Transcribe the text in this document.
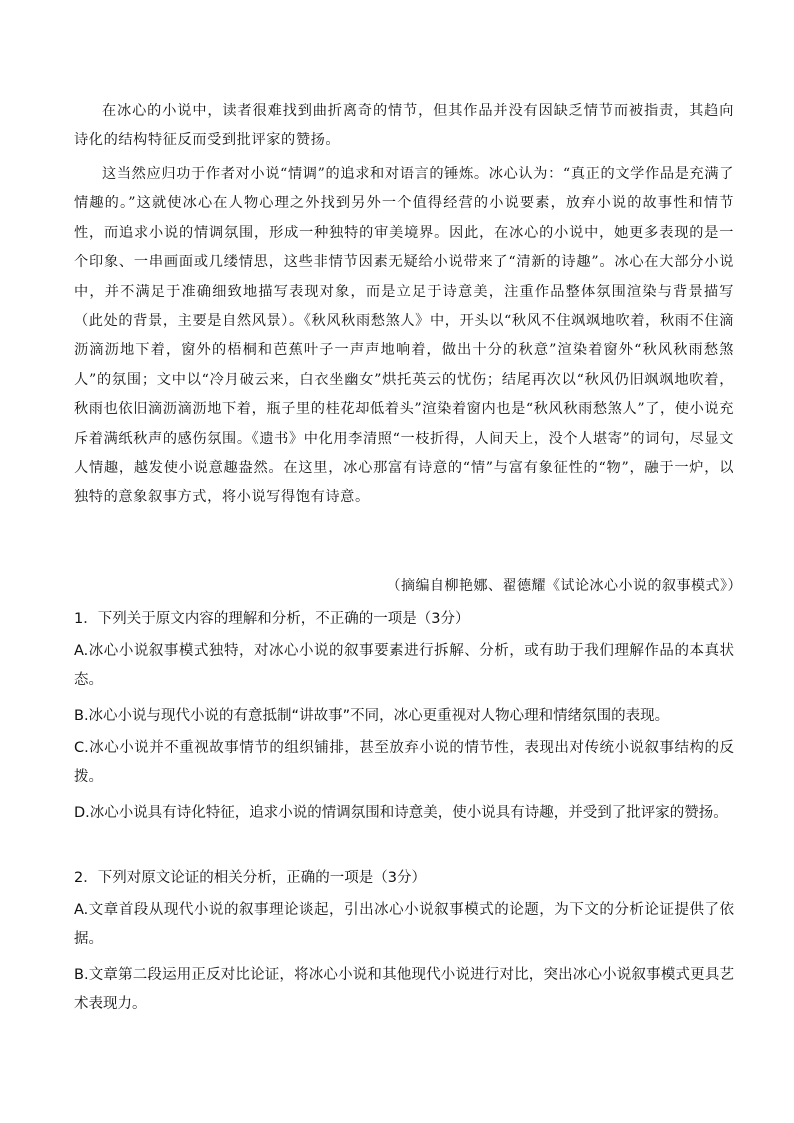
在冰心的小说中，读者很难找到曲折离奇的情节，但其作品并没有因缺乏情节而被指责，其趋向诗化的结构特征反而受到批评家的赞扬。

这当然应归功于作者对小说“情调”的追求和对语言的锤炼。冰心认为：“真正的文学作品是充满了情趣的。”这就使冰心在人物心理之外找到另外一个值得经营的小说要素，放弃小说的故事性和情节性，而追求小说的情调氛围，形成一种独特的审美境界。因此，在冰心的小说中，她更多表现的是一个印象、一串画面或几缕情思，这些非情节因素无疑给小说带来了“清新的诗趣”。冰心在大部分小说中，并不满足于准确细致地描写表现对象，而是立足于诗意美，注重作品整体氛围渲染与背景描写（此处的背景，主要是自然风景）。《秋风秋雨愁煞人》中，开头以“秋风不住飒飒地吹着，秋雨不住滴沥滴沥地下着，窗外的梧桐和芭蕉叶子一声声地响着，做出十分的秋意”渲染着窗外“秋风秋雨愁煞人”的氛围；文中以“冷月破云来，白衣坐幽女”烘托英云的忧伤；结尾再次以“秋风仍旧飒飒地吹着，秋雨也依旧滴沥滴沥地下着，瓶子里的桂花却低着头”渲染着窗内也是“秋风秋雨愁煞人”了，使小说充斥着满纸秋声的感伤氛围。《遗书》中化用李清照“一枝折得，人间天上，没个人堪寄”的词句，尽显文人情趣，越发使小说意趣盎然。在这里，冰心那富有诗意的“情”与富有象征性的“物”，融于一炉，以独特的意象叙事方式，将小说写得饱有诗意。

（摘编自柳艳娜、翟德耀《试论冰心小说的叙事模式》）

1．下列关于原文内容的理解和分析，不正确的一项是（3分）

A.冰心小说叙事模式独特，对冰心小说的叙事要素进行拆解、分析，或有助于我们理解作品的本真状态。

B.冰心小说与现代小说的有意抵制“讲故事”不同，冰心更重视对人物心理和情绪氛围的表现。

C.冰心小说并不重视故事情节的组织铺排，甚至放弃小说的情节性，表现出对传统小说叙事结构的反拨。

D.冰心小说具有诗化特征，追求小说的情调氛围和诗意美，使小说具有诗趣，并受到了批评家的赞扬。

2．下列对原文论证的相关分析，正确的一项是（3分）

A.文章首段从现代小说的叙事理论谈起，引出冰心小说叙事模式的论题，为下文的分析论证提供了依据。

B.文章第二段运用正反对比论证，将冰心小说和其他现代小说进行对比，突出冰心小说叙事模式更具艺术表现力。
